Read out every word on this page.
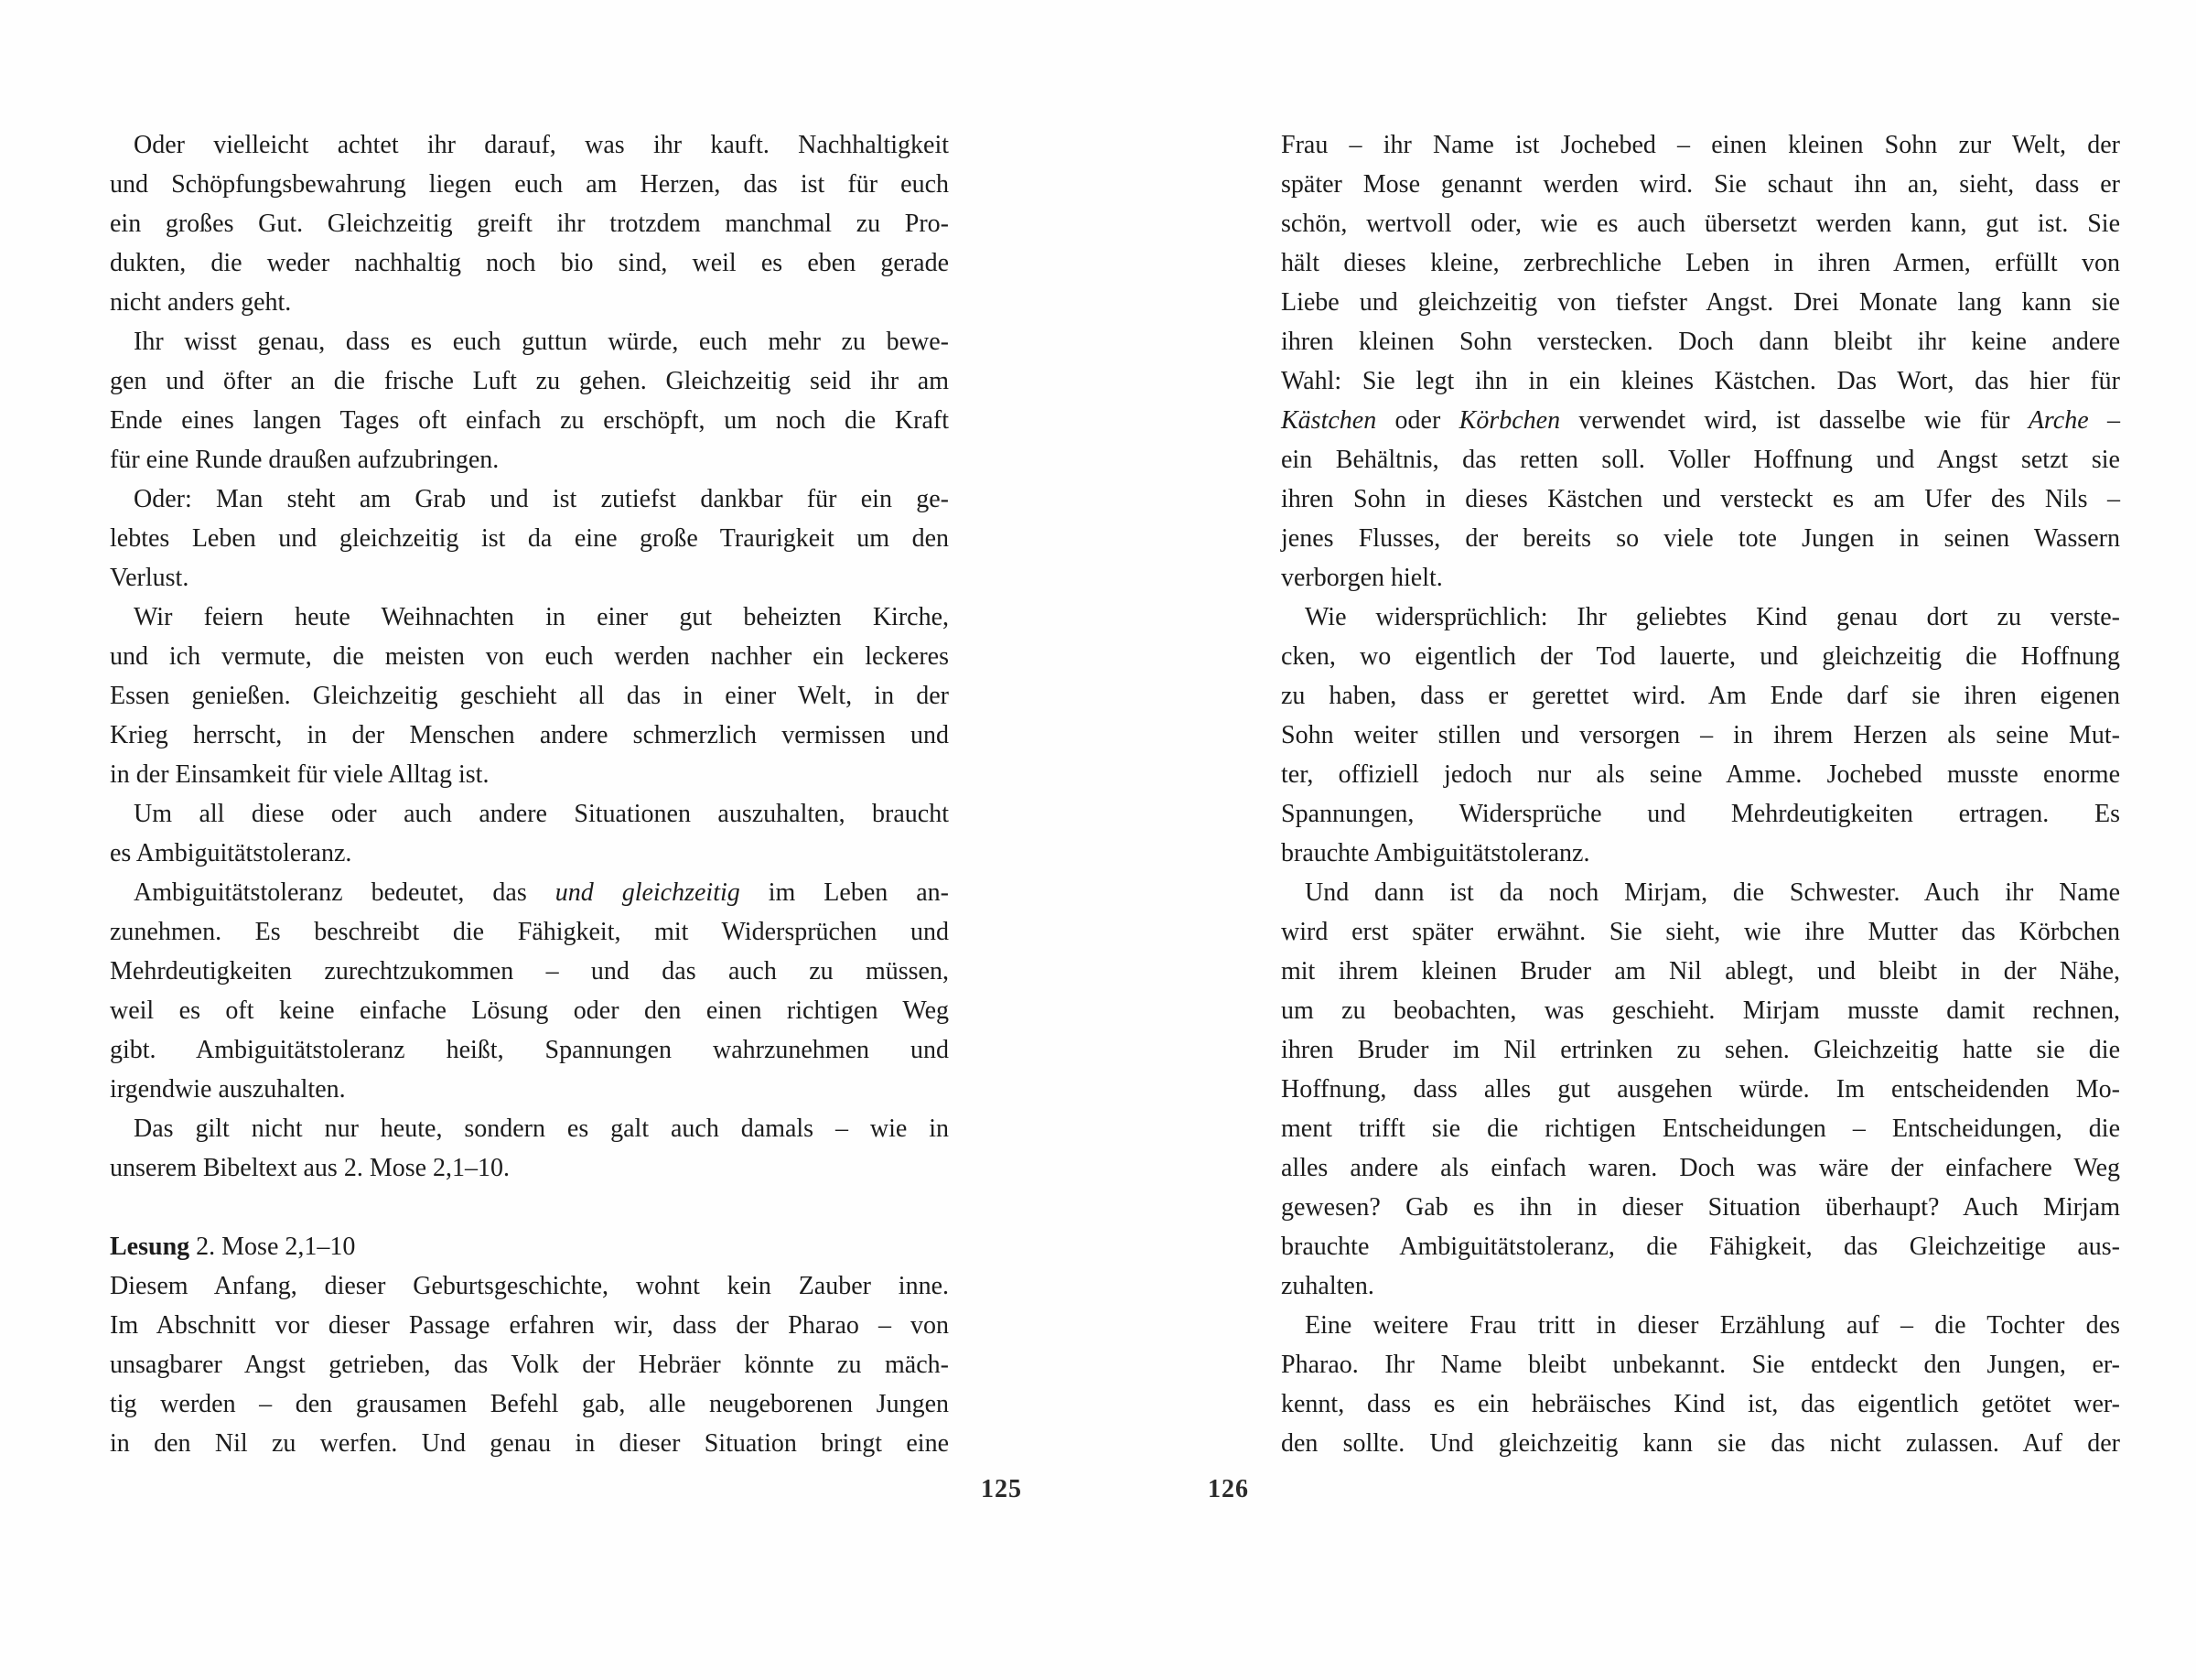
Oder vielleicht achtet ihr darauf, was ihr kauft. Nachhaltigkeit
und Schöpfungsbewahrung liegen euch am Herzen, das ist für euch
ein großes Gut. Gleichzeitig greift ihr trotzdem manchmal zu Pro-
dukten, die weder nachhaltig noch bio sind, weil es eben gerade
nicht anders geht.
Ihr wisst genau, dass es euch guttun würde, euch mehr zu bewe-
gen und öfter an die frische Luft zu gehen. Gleichzeitig seid ihr am
Ende eines langen Tages oft einfach zu erschöpft, um noch die Kraft
für eine Runde draußen aufzubringen.
Oder: Man steht am Grab und ist zutiefst dankbar für ein ge-
lebtes Leben und gleichzeitig ist da eine große Traurigkeit um den
Verlust.
Wir feiern heute Weihnachten in einer gut beheizten Kirche,
und ich vermute, die meisten von euch werden nachher ein leckeres
Essen genießen. Gleichzeitig geschieht all das in einer Welt, in der
Krieg herrscht, in der Menschen andere schmerzlich vermissen und
in der Einsamkeit für viele Alltag ist.
Um all diese oder auch andere Situationen auszuhalten, braucht
es Ambiguitätstoleranz.
Ambiguitätstoleranz bedeutet, das und gleichzeitig im Leben an-
zunehmen. Es beschreibt die Fähigkeit, mit Widersprüchen und
Mehrdeutigkeiten zurechtzukommen – und das auch zu müssen,
weil es oft keine einfache Lösung oder den einen richtigen Weg
gibt. Ambiguitätstoleranz heißt, Spannungen wahrzunehmen und
irgendwie auszuhalten.
Das gilt nicht nur heute, sondern es galt auch damals – wie in
unserem Bibeltext aus 2. Mose 2,1–10.
Lesung 2. Mose 2,1–10
Diesem Anfang, dieser Geburtsgeschichte, wohnt kein Zauber inne.
Im Abschnitt vor dieser Passage erfahren wir, dass der Pharao – von
unsagbarer Angst getrieben, das Volk der Hebräer könnte zu mäch-
tig werden – den grausamen Befehl gab, alle neugeborenen Jungen
in den Nil zu werfen. Und genau in dieser Situation bringt eine
Frau – ihr Name ist Jochebed – einen kleinen Sohn zur Welt, der
später Mose genannt werden wird. Sie schaut ihn an, sieht, dass er
schön, wertvoll oder, wie es auch übersetzt werden kann, gut ist. Sie
hält dieses kleine, zerbrechliche Leben in ihren Armen, erfüllt von
Liebe und gleichzeitig von tiefster Angst. Drei Monate lang kann sie
ihren kleinen Sohn verstecken. Doch dann bleibt ihr keine andere
Wahl: Sie legt ihn in ein kleines Kästchen. Das Wort, das hier für
Kästchen oder Körbchen verwendet wird, ist dasselbe wie für Arche –
ein Behältnis, das retten soll. Voller Hoffnung und Angst setzt sie
ihren Sohn in dieses Kästchen und versteckt es am Ufer des Nils –
jenes Flusses, der bereits so viele tote Jungen in seinen Wassern
verborgen hielt.
Wie widersprüchlich: Ihr geliebtes Kind genau dort zu verste-
cken, wo eigentlich der Tod lauerte, und gleichzeitig die Hoffnung
zu haben, dass er gerettet wird. Am Ende darf sie ihren eigenen
Sohn weiter stillen und versorgen – in ihrem Herzen als seine Mut-
ter, offiziell jedoch nur als seine Amme. Jochebed musste enorme
Spannungen, Widersprüche und Mehrdeutigkeiten ertragen. Es
brauchte Ambiguitätstoleranz.
Und dann ist da noch Mirjam, die Schwester. Auch ihr Name
wird erst später erwähnt. Sie sieht, wie ihre Mutter das Körbchen
mit ihrem kleinen Bruder am Nil ablegt, und bleibt in der Nähe,
um zu beobachten, was geschieht. Mirjam musste damit rechnen,
ihren Bruder im Nil ertrinken zu sehen. Gleichzeitig hatte sie die
Hoffnung, dass alles gut ausgehen würde. Im entscheidenden Mo-
ment trifft sie die richtigen Entscheidungen – Entscheidungen, die
alles andere als einfach waren. Doch was wäre der einfachere Weg
gewesen? Gab es ihn in dieser Situation überhaupt? Auch Mirjam
brauchte Ambiguitätstoleranz, die Fähigkeit, das Gleichzeitige aus-
zuhalten.
Eine weitere Frau tritt in dieser Erzählung auf – die Tochter des
Pharao. Ihr Name bleibt unbekannt. Sie entdeckt den Jungen, er-
kennt, dass es ein hebräisches Kind ist, das eigentlich getötet wer-
den sollte. Und gleichzeitig kann sie das nicht zulassen. Auf der
125	126
